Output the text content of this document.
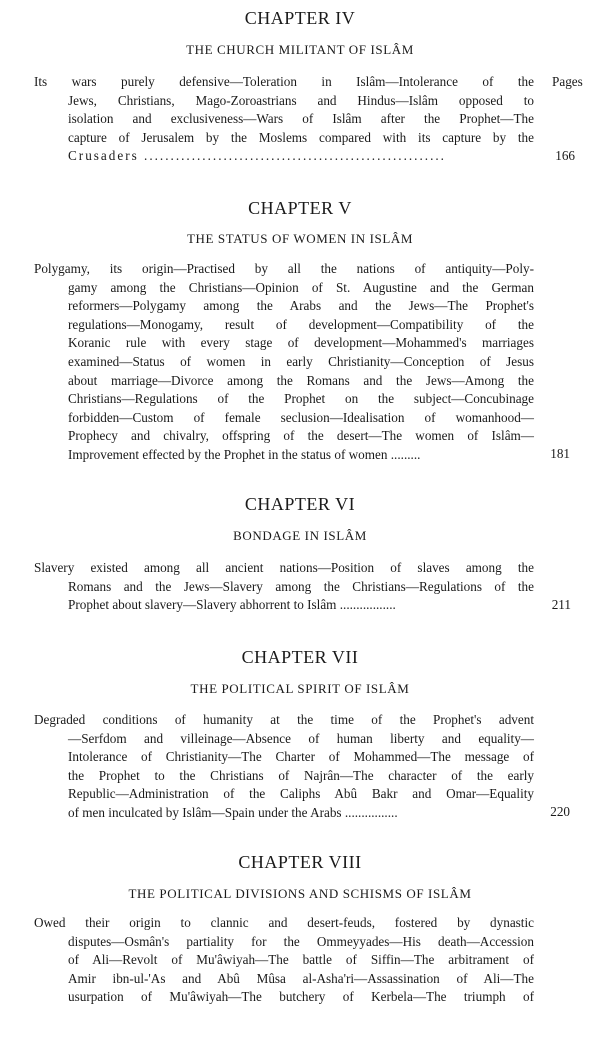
CHAPTER IV
THE CHURCH MILITANT OF ISLÂM
Pages
Its wars purely defensive—Toleration in Islâm—Intolerance of the
Jews, Christians, Mago-Zoroastrians and Hindus—Islâm opposed to
isolation and exclusiveness—Wars of Islâm after the Prophet—The
capture of Jerusalem by the Moslems compared with its capture by the
Crusaders .........................................................	166
CHAPTER V
THE STATUS OF WOMEN IN ISLÂM
Polygamy, its origin—Practised by all the nations of antiquity—Poly-
gamy among the Christians—Opinion of St. Augustine and the German
reformers—Polygamy among the Arabs and the Jews—The Prophet's
regulations—Monogamy, result of development—Compatibility of the
Koranic rule with every stage of development—Mohammed's marriages
examined—Status of women in early Christianity—Conception of Jesus
about marriage—Divorce among the Romans and the Jews—Among the
Christians—Regulations of the Prophet on the subject—Concubinage
forbidden—Custom of female seclusion—Idealisation of womanhood—
Prophecy and chivalry, offspring of the desert—The women of Islâm—
Improvement effected by the Prophet in the status of women .........	181
CHAPTER VI
BONDAGE IN ISLÂM
Slavery existed among all ancient nations—Position of slaves among the
Romans and the Jews—Slavery among the Christians—Regulations of the
Prophet about slavery—Slavery abhorrent to Islâm .................	211
CHAPTER VII
THE POLITICAL SPIRIT OF ISLÂM
Degraded conditions of humanity at the time of the Prophet's advent
—Serfdom and villeinage—Absence of human liberty and equality—
Intolerance of Christianity—The Charter of Mohammed—The message of
the Prophet to the Christians of Najrân—The character of the early
Republic—Administration of the Caliphs Abû Bakr and Omar—Equality
of men inculcated by Islâm—Spain under the Arabs ................	220
CHAPTER VIII
THE POLITICAL DIVISIONS AND SCHISMS OF ISLÂM
Owed their origin to clannic and desert-feuds, fostered by dynastic
disputes—Osmân's partiality for the Ommeyyades—His death—Accession
of Ali—Revolt of Mu'âwiyah—The battle of Siffin—The arbitrament of
Amir ibn-ul-'As and Abû Mûsa al-Asha'ri—Assassination of Ali—The
usurpation of Mu'âwiyah—The butchery of Kerbela—The triumph of
